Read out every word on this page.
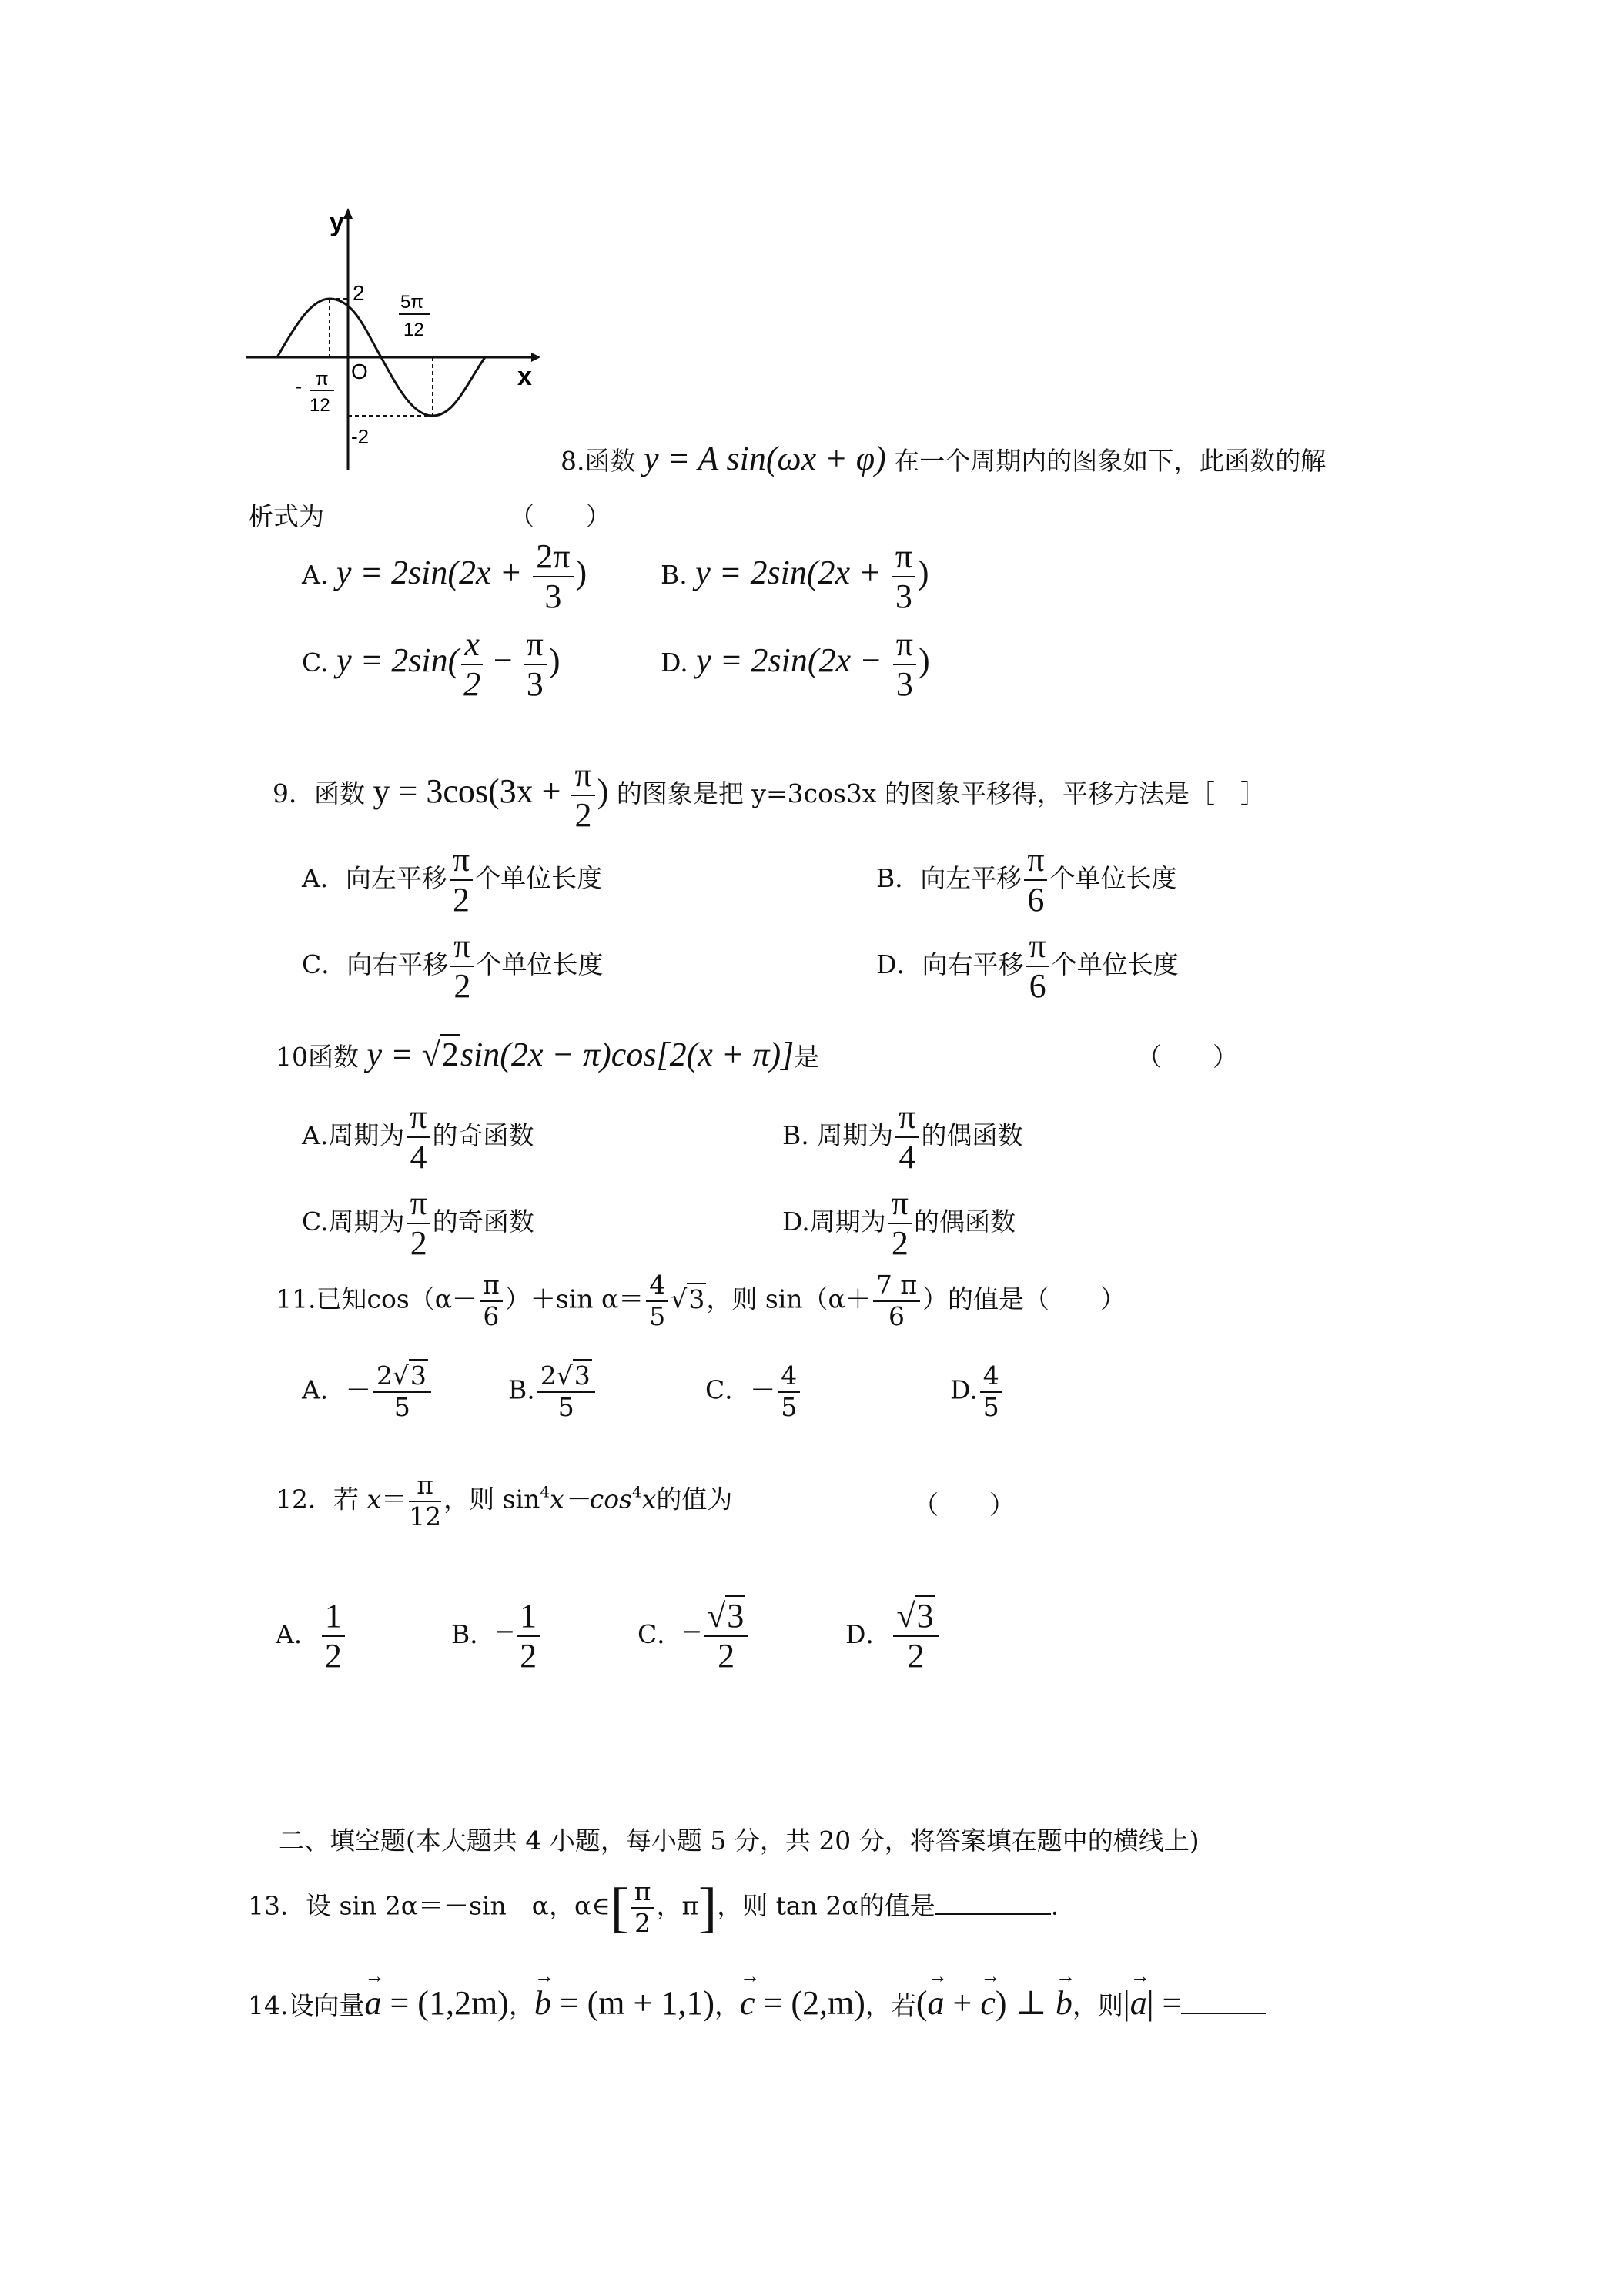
y
x
O
2
-2
- π
12
5π
12
8.函数 y = A sin(ωx + φ) 在一个周期内的图象如下，此函数的解
析式为	（　　）
A. $y = 2\sin(2x + \frac{2\pi}{3}$ )	B. $y = 2\sin(2x + \frac{\pi}{3}$ )
C. $y = 2\sin( \frac{x}{2} - \frac{\pi}{3}$ )	D. $y = 2\sin(2x - \frac{\pi}{3}$ )
9．函数 $y = 3\cos(3x + \frac{\pi}{2}$ ) 的图象是把 y=3cos3x 的图象平移得，平移方法是［　］
A．向左平移 $\frac{\pi}{2}$ 个单位长度	B．向左平移 $\frac{\pi}{6}$ 个单位长度
C．向右平移 $\frac{\pi}{2}$ 个单位长度	D．向右平移 $\frac{\pi}{6}$ 个单位长度
10函数 y = √2sin(2x − π)cos[2(x + π)]是	（　　）
A.周期为 $\frac{\pi}{4}$ 的奇函数	B. 周期为 $\frac{\pi}{4}$ 的偶函数
C.周期为 $\frac{\pi}{2}$ 的奇函数	D.周期为 $\frac{\pi}{2}$ 的偶函数
11.已知$\cos(\alpha- \frac{\pi}{6} )+\sin$ $\alpha= \frac{4}{5} √3$，则 $\sin(\alpha+ \frac{7 \pi}{6}$ ）的值是（　　）
A．－ $\frac{2√3}{5}$	B. $\frac{2√3}{5}$	C．－ $\frac{4}{5}$	D. $\frac{4}{5}$
12．若 $x= \frac{\pi}{12}$ ，则 $\sin^4x-\cos^4x$的值为	（　　）
A． $\frac{1}{2}$	B．− $\frac{1}{2}$	C．− $\frac{√3}{2}$	D． $\frac{√3}{2}$
二、填空题(本大题共 4 小题，每小题 5 分，共 20 分，将答案填在题中的横线上)
13．设 sin 2α＝－sin　α，α∈[ $\frac{\pi}{2}$ ，π]，则 tan 2α的值是	.
14.设向量→ a = (1,2m)，→ b = (m + 1,1)，→ c = (2,m)，若(→ a + → c) ⊥ → b，则|→ a| =
